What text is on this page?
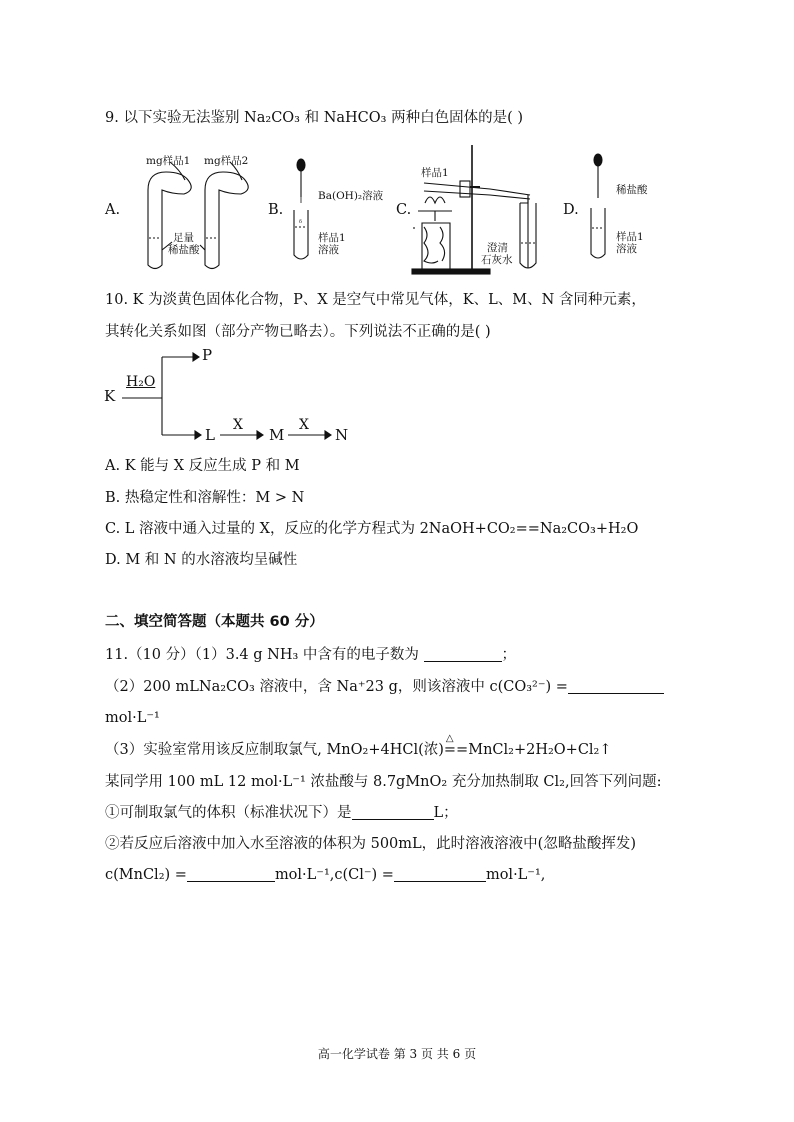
9. 以下实验无法鉴别 Na₂CO₃ 和 NaHCO₃ 两种白色固体的是( )
A.	B.	C.	D.
mg样品1 mg样品2
足量
稀盐酸
δ
Ba(OH)₂溶液
样品1
溶液
样品1
澄清
石灰水
稀盐酸
样品1
溶液
10. K 为淡黄色固体化合物，P、X 是空气中常见气体，K、L、M、N 含同种元素，
其转化关系如图（部分产物已略去）。下列说法不正确的是( )
K
H₂O
P
L
X
M
X
N
A. K 能与 X 反应生成 P 和 M
B. 热稳定性和溶解性：M > N
C. L 溶液中通入过量的 X，反应的化学方程式为 2NaOH+CO₂==Na₂CO₃+H₂O
D. M 和 N 的水溶液均呈碱性
二、填空简答题（本题共 60 分）
11.（10 分）（1）3.4 g NH₃ 中含有的电子数为	；
（2）200 mLNa₂CO₃ 溶液中，含 Na⁺23 g，则该溶液中 c(CO₃²⁻) =
mol·L⁻¹
（3）实验室常用该反应制取氯气, MnO₂+4HCl(浓)
△
==MnCl₂+2H₂O+Cl₂↑
某同学用 100 mL 12 mol·L⁻¹ 浓盐酸与 8.7gMnO₂ 充分加热制取 Cl₂,回答下列问题:
①可制取氯气的体积（标准状况下）是	L；
②若反应后溶液中加入水至溶液的体积为 500mL，此时溶液溶液中(忽略盐酸挥发)
c(MnCl₂) =	mol·L⁻¹,c(Cl⁻) =	mol·L⁻¹,
高一化学试卷 第 3 页 共 6 页
